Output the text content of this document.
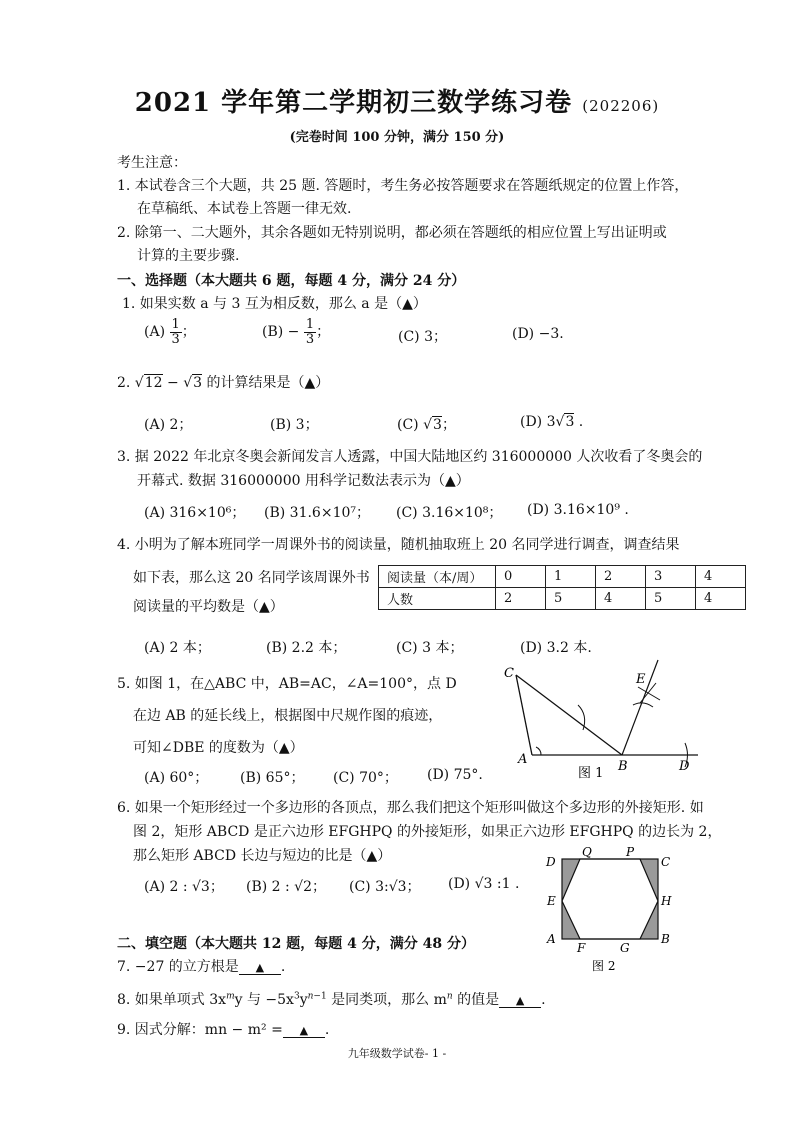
2021 学年第二学期初三数学练习卷 (202206)
(完卷时间 100 分钟，满分 150 分)
考生注意：
1. 本试卷含三个大题，共 25 题. 答题时，考生务必按答题要求在答题纸规定的位置上作答，
在草稿纸、本试卷上答题一律无效.
2. 除第一、二大题外，其余各题如无特别说明，都必须在答题纸的相应位置上写出证明或
计算的主要步骤.
一、选择题（本大题共 6 题，每题 4 分，满分 24 分）
1. 如果实数 a 与 3 互为相反数，那么 a 是（▲）
$(A) \frac{1}{3}$ ；	$(B) - \frac{1}{3}$ ；	(C) 3；	(D) −3.
2. √12 − √3 的计算结果是（▲）
(A) 2；	(B) 3；	(C) √3；	(D) 3√3 .
3. 据 2022 年北京冬奥会新闻发言人透露，中国大陆地区约 316000000 人次收看了冬奥会的
开幕式. 数据 316000000 用科学记数法表示为（▲）
(A) 316×10⁶； (B) 31.6×10⁷； (C) 3.16×10⁸； (D) 3.16×10⁹ .
4. 小明为了解本班同学一周课外书的阅读量，随机抽取班上 20 名同学进行调查，调查结果
如下表，那么这 20 名同学该周课外书
阅读量的平均数是（▲）
阅读量（本/周）	0	1	2	3	4
人数	2	5	4	5	4
(A) 2 本；	(B) 2.2 本；	(C) 3 本；	(D) 3.2 本.
5. 如图 1，在△ABC 中，AB=AC，∠A=100°，点 D
在边 AB 的延长线上，根据图中尺规作图的痕迹，
可知∠DBE 的度数为（▲）
(A) 60°； (B) 65°； (C) 70°； (D) 75°.
C
A	B	D
E
图 1
6. 如果一个矩形经过一个多边形的各顶点，那么我们把这个矩形叫做这个多边形的外接矩形. 如
图 2，矩形 ABCD 是正六边形 EFGHPQ 的外接矩形，如果正六边形 EFGHPQ 的边长为 2，
那么矩形 ABCD 长边与短边的比是（▲）
(A) 2 : √3； (B) 2 : √2； (C) 3:√3； (D) √3 :1 .
D
Q	P
C
E	H
A
F	G
B
图 2
二、填空题（本大题共 12 题，每题 4 分，满分 48 分）
7. −27 的立方根是 ▲ .
8. 如果单项式 $3x^my$ 与 $-5x^3y^{n-1}$ 是同类项，那么 $m^n$ 的值是 ▲ .
9. 因式分解：mn − m² = ▲ .
九年级数学试卷- 1 -
